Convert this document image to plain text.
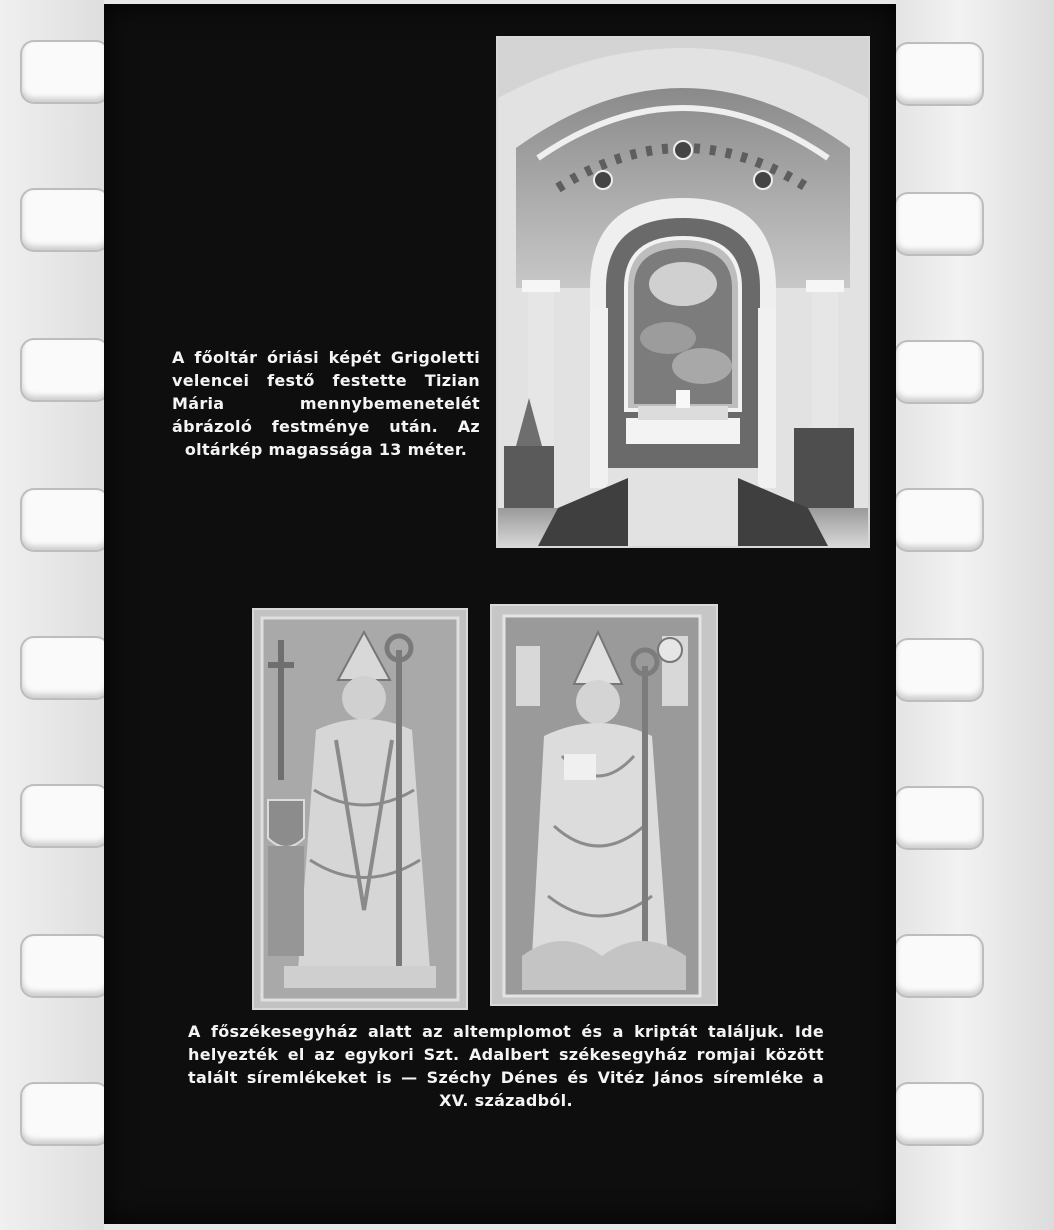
A főoltár óriási képét Grigoletti velencei festő festette Tizian Mária mennybemenetelét ábrázoló festménye után. Az oltárkép magassága 13 méter.
A főszékesegyház alatt az altemplomot és a kriptát találjuk. Ide helyezték el az egykori Szt. Adalbert székesegyház romjai között talált síremlékeket is — Széchy Dénes és Vitéz János síremléke a XV. századból.
